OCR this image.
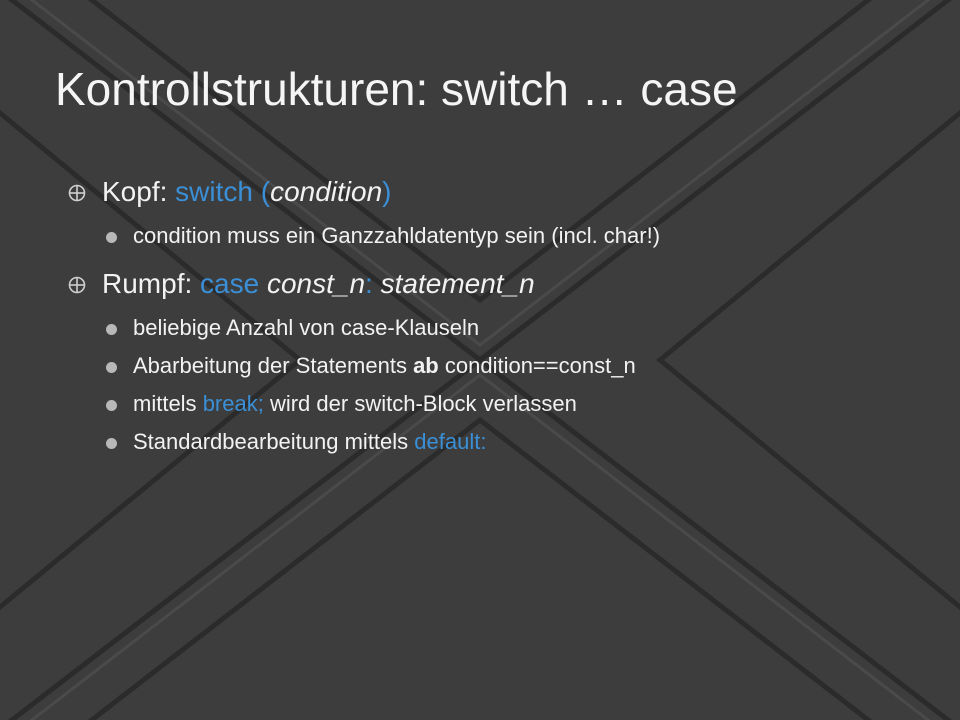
Kontrollstrukturen: switch … case
Kopf: switch (condition)
condition muss ein Ganzzahldatentyp sein (incl. char!)
Rumpf: case const_n: statement_n
beliebige Anzahl von case-Klauseln
Abarbeitung der Statements ab condition==const_n
mittels break; wird der switch-Block verlassen
Standardbearbeitung mittels default:
